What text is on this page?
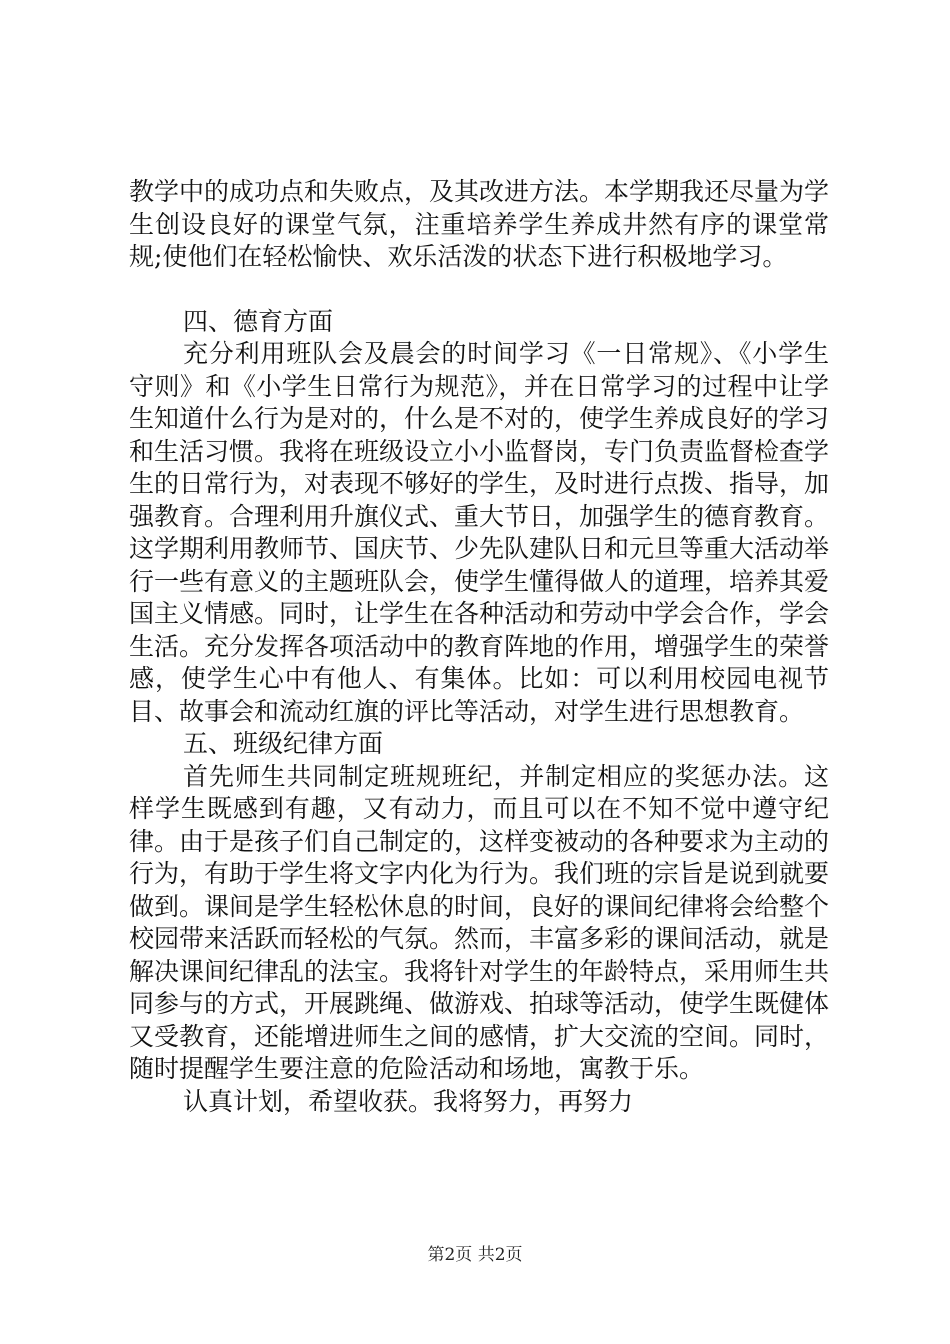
教学中的成功点和失败点，及其改进方法。本学期我还尽量为学生创设良好的课堂气氛，注重培养学生养成井然有序的课堂常规;使他们在轻松愉快、欢乐活泼的状态下进行积极地学习。

四、德育方面

充分利用班队会及晨会的时间学习《一日常规》、《小学生守则》和《小学生日常行为规范》，并在日常学习的过程中让学生知道什么行为是对的，什么是不对的，使学生养成良好的学习和生活习惯。我将在班级设立小小监督岗，专门负责监督检查学生的日常行为，对表现不够好的学生，及时进行点拨、指导，加强教育。合理利用升旗仪式、重大节日，加强学生的德育教育。这学期利用教师节、国庆节、少先队建队日和元旦等重大活动举行一些有意义的主题班队会，使学生懂得做人的道理，培养其爱国主义情感。同时，让学生在各种活动和劳动中学会合作，学会生活。充分发挥各项活动中的教育阵地的作用，增强学生的荣誉感，使学生心中有他人、有集体。比如：可以利用校园电视节目、故事会和流动红旗的评比等活动，对学生进行思想教育。

五、班级纪律方面

首先师生共同制定班规班纪，并制定相应的奖惩办法。这样学生既感到有趣，又有动力，而且可以在不知不觉中遵守纪律。由于是孩子们自己制定的，这样变被动的各种要求为主动的行为，有助于学生将文字内化为行为。我们班的宗旨是说到就要做到。课间是学生轻松休息的时间，良好的课间纪律将会给整个校园带来活跃而轻松的气氛。然而，丰富多彩的课间活动，就是解决课间纪律乱的法宝。我将针对学生的年龄特点，采用师生共同参与的方式，开展跳绳、做游戏、拍球等活动，使学生既健体又受教育，还能增进师生之间的感情，扩大交流的空间。同时，随时提醒学生要注意的危险活动和场地，寓教于乐。

认真计划，希望收获。我将努力，再努力

第2页 共2页
